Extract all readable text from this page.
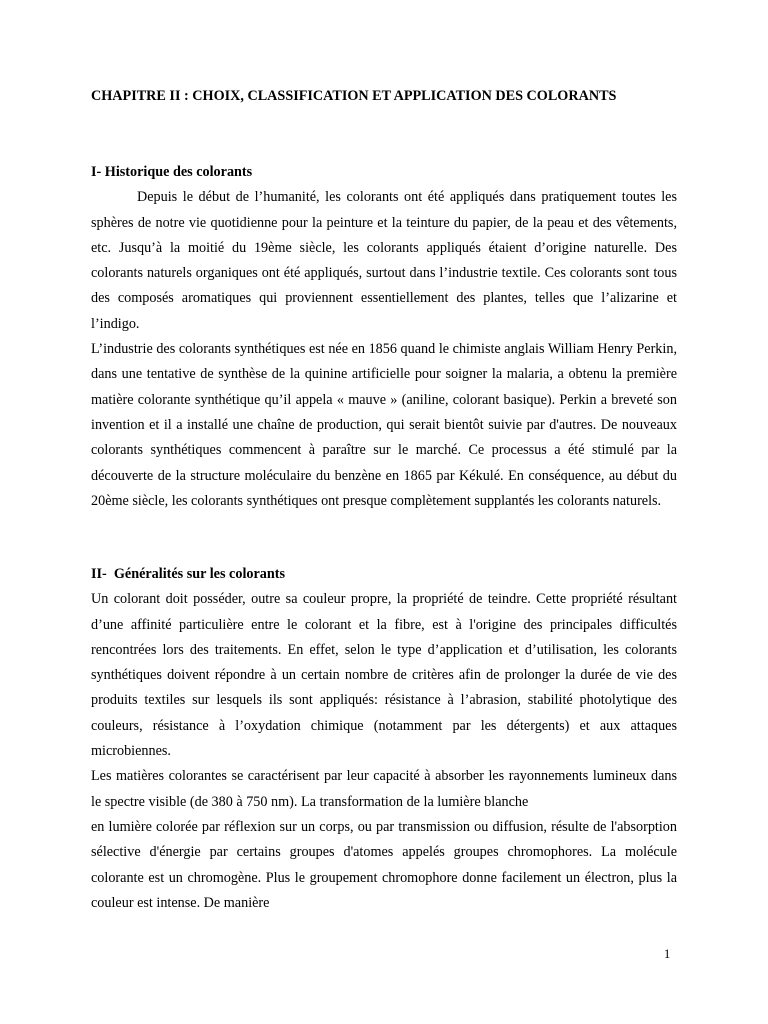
CHAPITRE II : CHOIX, CLASSIFICATION ET APPLICATION DES COLORANTS
I- Historique des colorants

Depuis le début de l’humanité, les colorants ont été appliqués dans pratiquement toutes les sphères de notre vie quotidienne pour la peinture et la teinture du papier, de la peau et des vêtements, etc. Jusqu’à la moitié du 19ème siècle, les colorants appliqués étaient d’origine naturelle. Des colorants naturels organiques ont été appliqués, surtout dans l’industrie textile. Ces colorants sont tous des composés aromatiques qui proviennent essentiellement des plantes, telles que l’alizarine et l’indigo.

L’industrie des colorants synthétiques est née en 1856 quand le chimiste anglais William Henry Perkin, dans une tentative de synthèse de la quinine artificielle pour soigner la malaria, a obtenu la première matière colorante synthétique qu’il appela « mauve » (aniline, colorant basique). Perkin a breveté son invention et il a installé une chaîne de production, qui serait bientôt suivie par d'autres. De nouveaux colorants synthétiques commencent à paraître sur le marché. Ce processus a été stimulé par la découverte de la structure moléculaire du benzène en 1865 par Kékulé. En conséquence, au début du 20ème siècle, les colorants synthétiques ont presque complètement supplantés les colorants naturels.

II-  Généralités sur les colorants

Un colorant doit posséder, outre sa couleur propre, la propriété de teindre. Cette propriété résultant d’une affinité particulière entre le colorant et la fibre, est à l'origine des principales difficultés rencontrées lors des traitements. En effet, selon le type d’application et d’utilisation, les colorants synthétiques doivent répondre à un certain nombre de critères afin de prolonger la durée de vie des produits textiles sur lesquels ils sont appliqués: résistance à l’abrasion, stabilité photolytique des couleurs, résistance à l’oxydation chimique (notamment par les détergents) et aux attaques microbiennes.

Les matières colorantes se caractérisent par leur capacité à absorber les rayonnements lumineux dans le spectre visible (de 380 à 750 nm). La transformation de la lumière blanche

en lumière colorée par réflexion sur un corps, ou par transmission ou diffusion, résulte de l'absorption sélective d'énergie par certains groupes d'atomes appelés groupes chromophores. La molécule colorante est un chromogène. Plus le groupement chromophore donne facilement un électron, plus la couleur est intense. De manière

1
